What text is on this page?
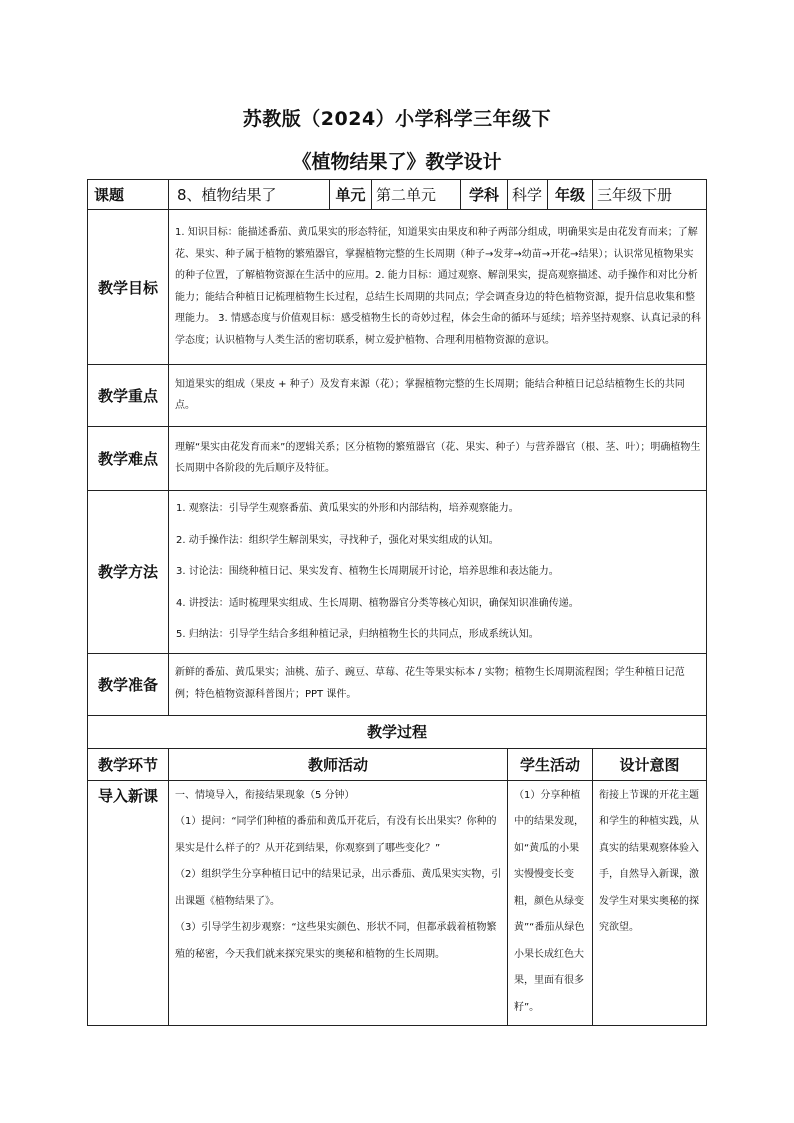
苏教版（2024）小学科学三年级下
《植物结果了》教学设计
课题	8、植物结果了	单元	第二单元	学科	科学	年级	三年级下册
教学目标	1. 知识目标：能描述番茄、黄瓜果实的形态特征，知道果实由果皮和种子两部分组成，明确果实是由花发育而来；了解花、果实、种子属于植物的繁殖器官，掌握植物完整的生长周期（种子→发芽→幼苗→开花→结果）；认识常见植物果实的种子位置，了解植物资源在生活中的应用。2. 能力目标：通过观察、解剖果实，提高观察描述、动手操作和对比分析能力；能结合种植日记梳理植物生长过程，总结生长周期的共同点；学会调查身边的特色植物资源，提升信息收集和整理能力。 3. 情感态度与价值观目标：感受植物生长的奇妙过程，体会生命的循环与延续；培养坚持观察、认真记录的科学态度；认识植物与人类生活的密切联系，树立爱护植物、合理利用植物资源的意识。						
教学重点	知道果实的组成（果皮 + 种子）及发育来源（花）；掌握植物完整的生长周期；能结合种植日记总结植物生长的共同点。						
教学难点	理解“果实由花发育而来”的逻辑关系；区分植物的繁殖器官（花、果实、种子）与营养器官（根、茎、叶）；明确植物生长周期中各阶段的先后顺序及特征。						
教学方法	1. 观察法：引导学生观察番茄、黄瓜果实的外形和内部结构，培养观察能力。

2. 动手操作法：组织学生解剖果实，寻找种子，强化对果实组成的认知。

3. 讨论法：围绕种植日记、果实发育、植物生长周期展开讨论，培养思维和表达能力。

4. 讲授法：适时梳理果实组成、生长周期、植物器官分类等核心知识，确保知识准确传递。

5. 归纳法：引导学生结合多组种植记录，归纳植物生长的共同点，形成系统认知。						

教学准备	新鲜的番茄、黄瓜果实；油桃、茄子、豌豆、草莓、花生等果实标本 / 实物；植物生长周期流程图；学生种植日记范例；特色植物资源科普图片；PPT 课件。						
教学过程							
教学环节	教师活动				学生活动		设计意图
导入新课	一、情境导入，衔接结果现象（5 分钟）

（1）提问：“同学们种植的番茄和黄瓜开花后，有没有长出果实？你种的果实是什么样子的？从开花到结果，你观察到了哪些变化？”

（2）组织学生分享种植日记中的结果记录，出示番茄、黄瓜果实实物，引出课题《植物结果了》。

（3）引导学生初步观察：“这些果实颜色、形状不同，但都承载着植物繁殖的秘密，今天我们就来探究果实的奥秘和植物的生长周期。				（1）分享种植中的结果发现，如“黄瓜的小果实慢慢变长变粗，颜色从绿变黄”“番茄从绿色小果长成红色大果，里面有很多籽”。		衔接上节课的开花主题和学生的种植实践，从真实的结果观察体验入手，自然导入新课，激发学生对果实奥秘的探究欲望。
